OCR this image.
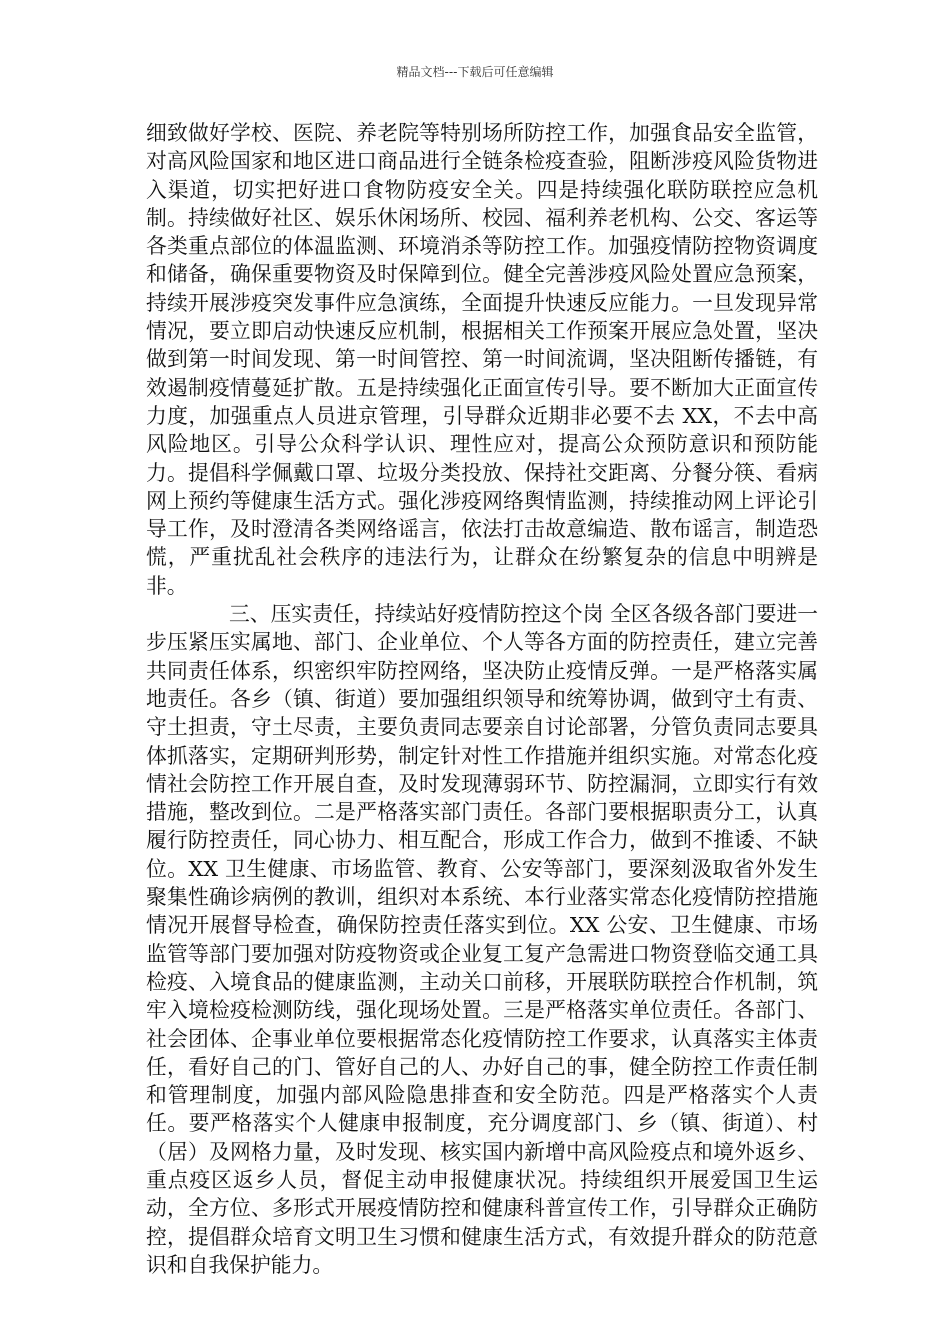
精品文档---下载后可任意编辑

细致做好学校、医院、养老院等特别场所防控工作，加强食品安全监管，对高风险国家和地区进口商品进行全链条检疫查验，阻断涉疫风险货物进入渠道，切实把好进口食物防疫安全关。四是持续强化联防联控应急机制。持续做好社区、娱乐休闲场所、校园、福利养老机构、公交、客运等各类重点部位的体温监测、环境消杀等防控工作。加强疫情防控物资调度和储备，确保重要物资及时保障到位。健全完善涉疫风险处置应急预案，持续开展涉疫突发事件应急演练，全面提升快速反应能力。一旦发现异常情况，要立即启动快速反应机制，根据相关工作预案开展应急处置，坚决做到第一时间发现、第一时间管控、第一时间流调，坚决阻断传播链，有效遏制疫情蔓延扩散。五是持续强化正面宣传引导。要不断加大正面宣传力度，加强重点人员进京管理，引导群众近期非必要不去 XX，不去中高风险地区。引导公众科学认识、理性应对，提高公众预防意识和预防能力。提倡科学佩戴口罩、垃圾分类投放、保持社交距离、分餐分筷、看病网上预约等健康生活方式。强化涉疫网络舆情监测，持续推动网上评论引导工作，及时澄清各类网络谣言，依法打击故意编造、散布谣言，制造恐慌，严重扰乱社会秩序的违法行为，让群众在纷繁复杂的信息中明辨是非。

三、压实责任，持续站好疫情防控这个岗 全区各级各部门要进一步压紧压实属地、部门、企业单位、个人等各方面的防控责任，建立完善共同责任体系，织密织牢防控网络，坚决防止疫情反弹。一是严格落实属地责任。各乡（镇、街道）要加强组织领导和统筹协调，做到守土有责、守土担责，守土尽责，主要负责同志要亲自讨论部署，分管负责同志要具体抓落实，定期研判形势，制定针对性工作措施并组织实施。对常态化疫情社会防控工作开展自查，及时发现薄弱环节、防控漏洞，立即实行有效措施，整改到位。二是严格落实部门责任。各部门要根据职责分工，认真履行防控责任，同心协力、相互配合，形成工作合力，做到不推诿、不缺位。XX 卫生健康、市场监管、教育、公安等部门，要深刻汲取省外发生聚集性确诊病例的教训，组织对本系统、本行业落实常态化疫情防控措施情况开展督导检查，确保防控责任落实到位。XX 公安、卫生健康、市场监管等部门要加强对防疫物资或企业复工复产急需进口物资登临交通工具检疫、入境食品的健康监测，主动关口前移，开展联防联控合作机制，筑牢入境检疫检测防线，强化现场处置。三是严格落实单位责任。各部门、社会团体、企事业单位要根据常态化疫情防控工作要求，认真落实主体责任，看好自己的门、管好自己的人、办好自己的事，健全防控工作责任制和管理制度，加强内部风险隐患排查和安全防范。四是严格落实个人责任。要严格落实个人健康申报制度，充分调度部门、乡（镇、街道）、村（居）及网格力量，及时发现、核实国内新增中高风险疫点和境外返乡、重点疫区返乡人员，督促主动申报健康状况。持续组织开展爱国卫生运动，全方位、多形式开展疫情防控和健康科普宣传工作，引导群众正确防控，提倡群众培育文明卫生习惯和健康生活方式，有效提升群众的防范意识和自我保护能力。
